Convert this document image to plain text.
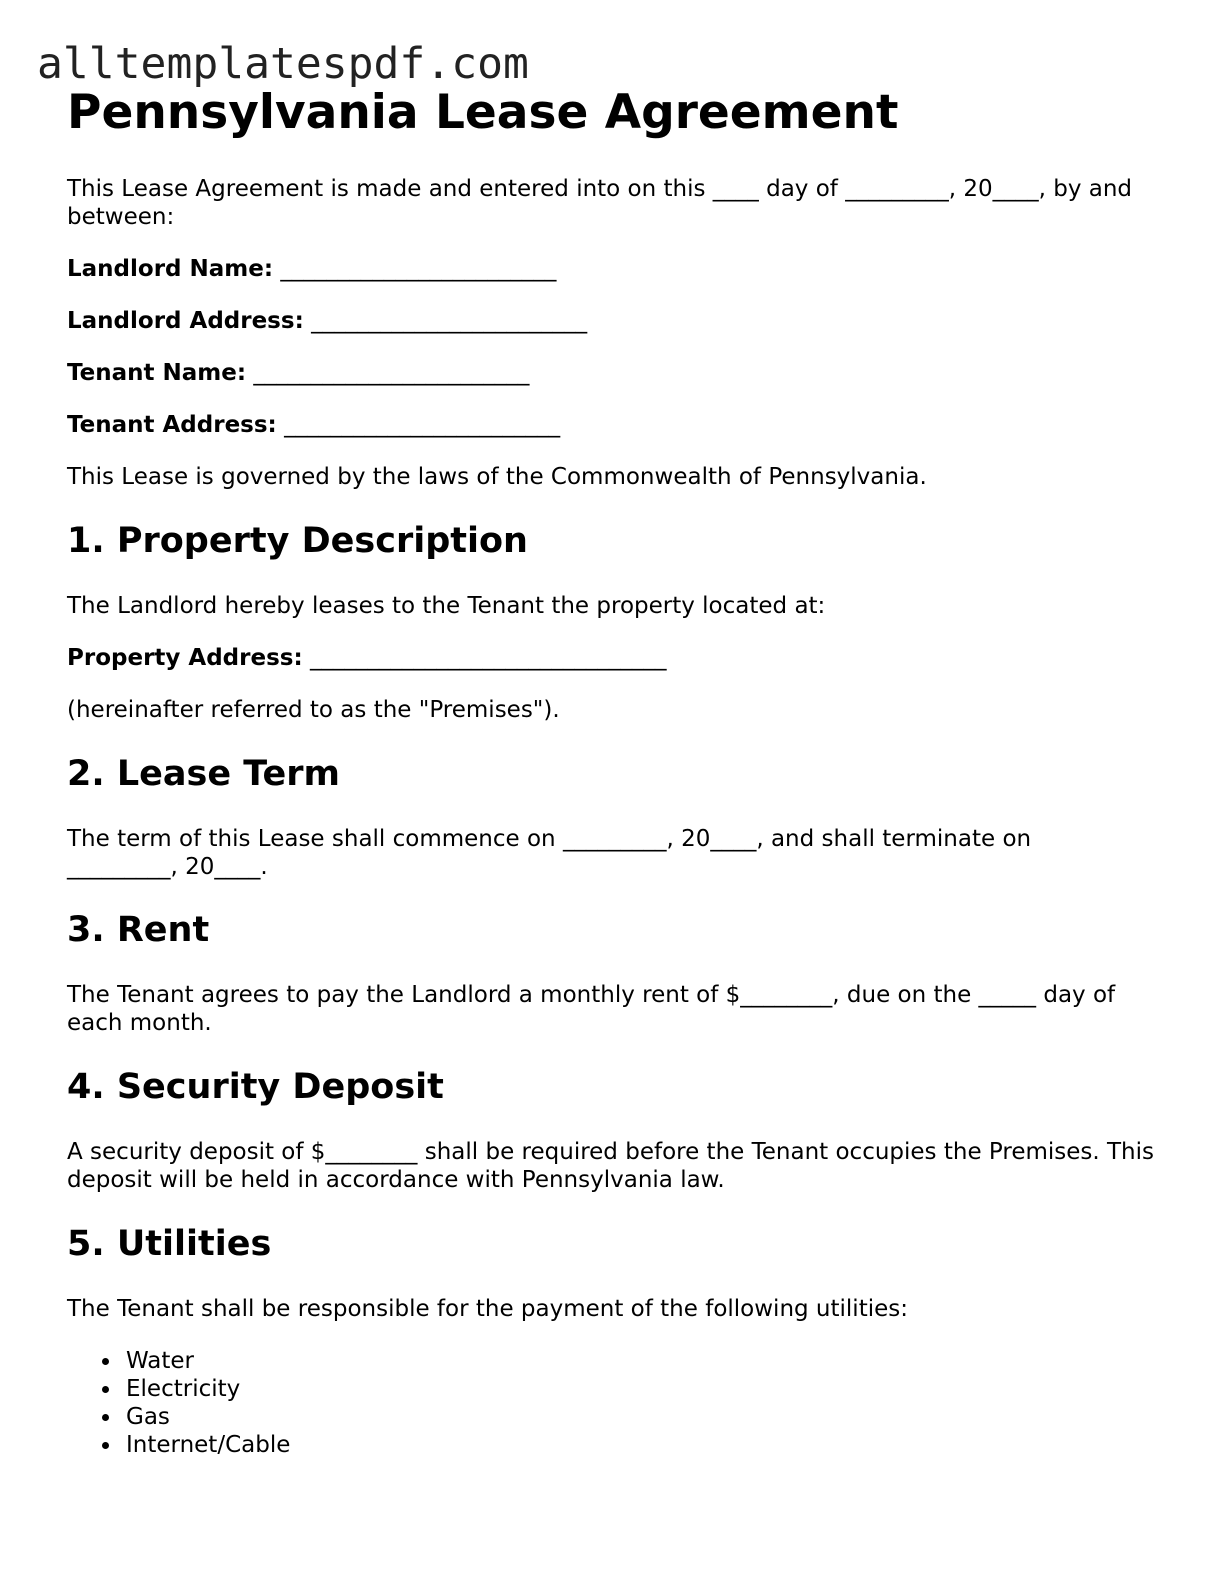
alltemplatespdf.com
Pennsylvania Lease Agreement

This Lease Agreement is made and entered into on this ____ day of _________, 20____, by and between:

Landlord Name: ________________________

Landlord Address: ________________________

Tenant Name: ________________________

Tenant Address: ________________________

This Lease is governed by the laws of the Commonwealth of Pennsylvania.

1. Property Description

The Landlord hereby leases to the Tenant the property located at:

Property Address: _______________________________

(hereinafter referred to as the "Premises").

2. Lease Term

The term of this Lease shall commence on _________, 20____, and shall terminate on _________, 20____.

3. Rent

The Tenant agrees to pay the Landlord a monthly rent of $________, due on the _____ day of each month.

4. Security Deposit

A security deposit of $________ shall be required before the Tenant occupies the Premises. This deposit will be held in accordance with Pennsylvania law.

5. Utilities

The Tenant shall be responsible for the payment of the following utilities:

Water
Electricity
Gas
Internet/Cable
